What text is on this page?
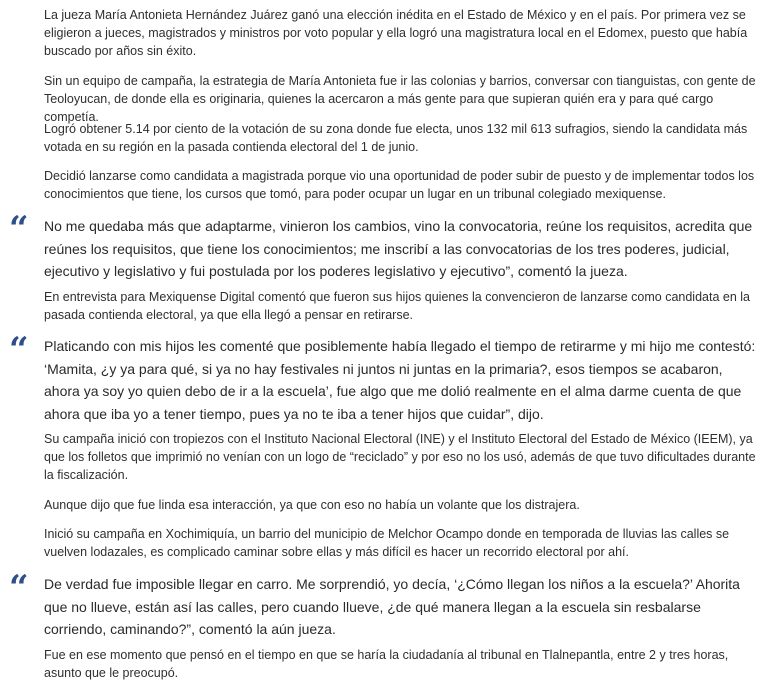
La jueza María Antonieta Hernández Juárez ganó una elección inédita en el Estado de México y en el país. Por primera vez se eligieron a jueces, magistrados y ministros por voto popular y ella logró una magistratura local en el Edomex, puesto que había buscado por años sin éxito.

Sin un equipo de campaña, la estrategia de María Antonieta fue ir las colonias y barrios, conversar con tianguistas, con gente de Teoloyucan, de donde ella es originaria, quienes la acercaron a más gente para que supieran quién era y para qué cargo competía.

Logró obtener 5.14 por ciento de la votación de su zona donde fue electa, unos 132 mil 613 sufragios, siendo la candidata más votada en su región en la pasada contienda electoral del 1 de junio.

Decidió lanzarse como candidata a magistrada porque vio una oportunidad de poder subir de puesto y de implementar todos los conocimientos que tiene, los cursos que tomó, para poder ocupar un lugar en un tribunal colegiado mexiquense.

“ No me quedaba más que adaptarme, vinieron los cambios, vino la convocatoria, reúne los requisitos, acredita que reúnes los requisitos, que tiene los conocimientos; me inscribí a las convocatorias de los tres poderes, judicial, ejecutivo y legislativo y fui postulada por los poderes legislativo y ejecutivo”, comentó la jueza.

En entrevista para Mexiquense Digital comentó que fueron sus hijos quienes la convencieron de lanzarse como candidata en la pasada contienda electoral, ya que ella llegó a pensar en retirarse.

“ Platicando con mis hijos les comenté que posiblemente había llegado el tiempo de retirarme y mi hijo me contestó: ‘Mamita, ¿y ya para qué, si ya no hay festivales ni juntos ni juntas en la primaria?, esos tiempos se acabaron, ahora ya soy yo quien debo de ir a la escuela’, fue algo que me dolió realmente en el alma darme cuenta de que ahora que iba yo a tener tiempo, pues ya no te iba a tener hijos que cuidar”, dijo.

Su campaña inició con tropiezos con el Instituto Nacional Electoral (INE) y el Instituto Electoral del Estado de México (IEEM), ya que los folletos que imprimió no venían con un logo de “reciclado” y por eso no los usó, además de que tuvo dificultades durante la fiscalización.

Aunque dijo que fue linda esa interacción, ya que con eso no había un volante que los distrajera.

Inició su campaña en Xochimiquía, un barrio del municipio de Melchor Ocampo donde en temporada de lluvias las calles se vuelven lodazales, es complicado caminar sobre ellas y más difícil es hacer un recorrido electoral por ahí.

“ De verdad fue imposible llegar en carro. Me sorprendió, yo decía, ‘¿Cómo llegan los niños a la escuela?’ Ahorita que no llueve, están así las calles, pero cuando llueve, ¿de qué manera llegan a la escuela sin resbalarse corriendo, caminando?”, comentó la aún jueza.

Fue en ese momento que pensó en el tiempo en que se haría la ciudadanía al tribunal en Tlalnepantla, entre 2 y tres horas, asunto que le preocupó.
